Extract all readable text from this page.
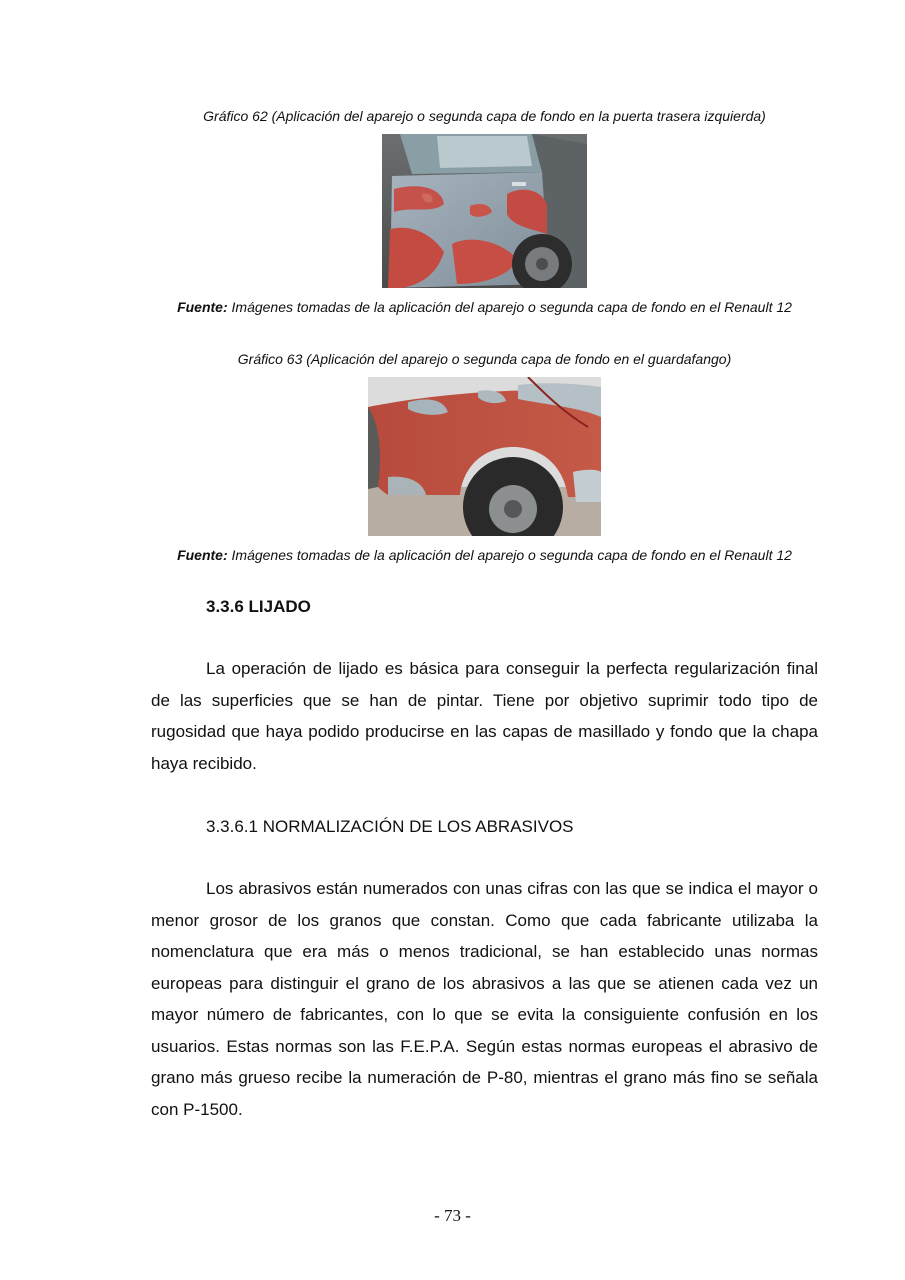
Gráfico 62 (Aplicación del aparejo o segunda capa de fondo en la puerta trasera izquierda)
Fuente: Imágenes tomadas de la aplicación del aparejo o segunda capa de fondo en el Renault 12
Gráfico 63 (Aplicación del aparejo o segunda capa de fondo en el guardafango)
Fuente: Imágenes tomadas de la aplicación del aparejo o segunda capa de fondo en el Renault 12
3.3.6 LIJADO

La operación de lijado es básica para conseguir la perfecta regularización final de las superficies que se han de pintar. Tiene por objetivo suprimir todo tipo de rugosidad que haya podido producirse en las capas de masillado y fondo que la chapa haya recibido.

3.3.6.1 NORMALIZACIÓN DE LOS ABRASIVOS

Los abrasivos están numerados con unas cifras con las que se indica el mayor o menor grosor de los granos que constan. Como que cada fabricante utilizaba la nomenclatura que era más o menos tradicional, se han establecido unas normas europeas para distinguir el grano de los abrasivos a las que se atienen cada vez un mayor número de fabricantes, con lo que se evita la consiguiente confusión en los usuarios. Estas normas son las F.E.P.A. Según estas normas europeas el abrasivo de grano más grueso recibe la numeración de P-80, mientras el grano más fino se señala con P-1500.

- 73 -
